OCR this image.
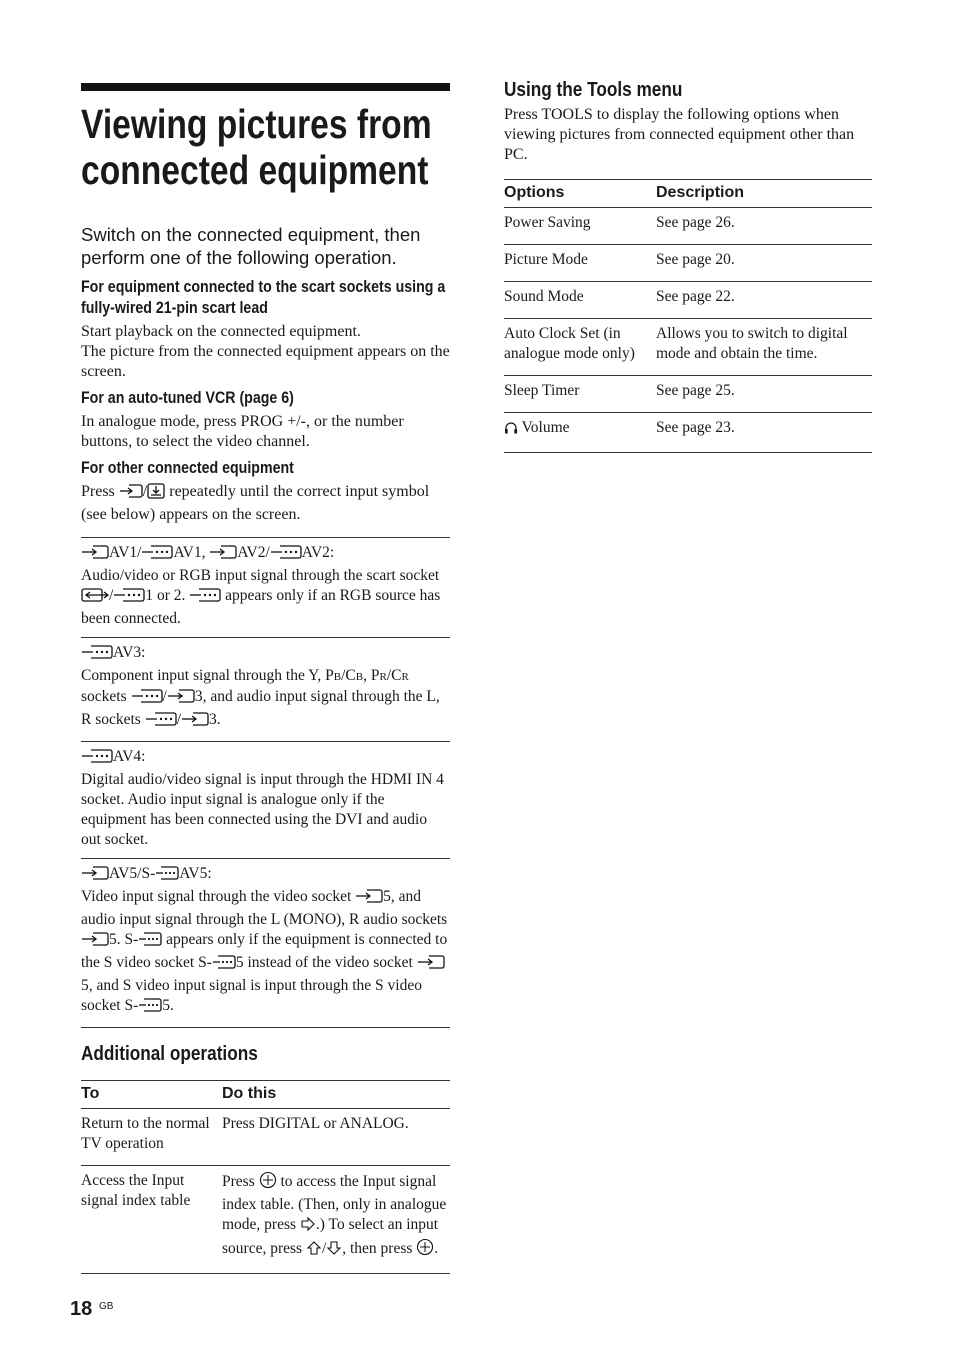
Viewing pictures from
connected equipment
Switch on the connected equipment, then perform one of the following operation.
For equipment connected to the scart sockets using a
fully-wired 21-pin scart lead
Start playback on the connected equipment.
The picture from the connected equipment appears on the screen.
For an auto-tuned VCR (page 6)
In analogue mode, press PROG +/-, or the number buttons, to select the video channel.
For other connected equipment
Press / repeatedly until the correct input symbol (see below) appears on the screen.
AV1/ AV1, AV2/ AV2:
Audio/video or RGB input signal through the scart socket / 1 or 2.	appears only if an RGB source has been connected.
AV3:
Component input signal through the Y, PB/CB, PR/CR sockets / 3, and audio input signal through the L, R sockets / 3.
AV4:
Digital audio/video signal is input through the HDMI IN 4 socket. Audio input signal is analogue only if the equipment has been connected using the DVI and audio out socket.
AV5/S- AV5:
Video input signal through the video socket 5, and audio input signal through the L (MONO), R audio sockets 5. S- appears only if the equipment is connected to the S video socket S- 5 instead of the video socket 5, and S video input signal is input through the S video socket S- 5.
Additional operations
To	Do this
Return to the normal TV operation	Press DIGITAL or ANALOG.
Access the Input signal index table	Press to access the Input signal index table. (Then, only in analogue mode, press .) To select an input source, press / , then press .
Using the Tools menu
Press TOOLS to display the following options when viewing pictures from connected equipment other than PC.
Options	Description
Power Saving	See page 26.
Picture Mode	See page 20.
Sound Mode	See page 22.
Auto Clock Set (in analogue mode only)	Allows you to switch to digital mode and obtain the time.
Sleep Timer	See page 25.
Volume	See page 23.
18 GB
